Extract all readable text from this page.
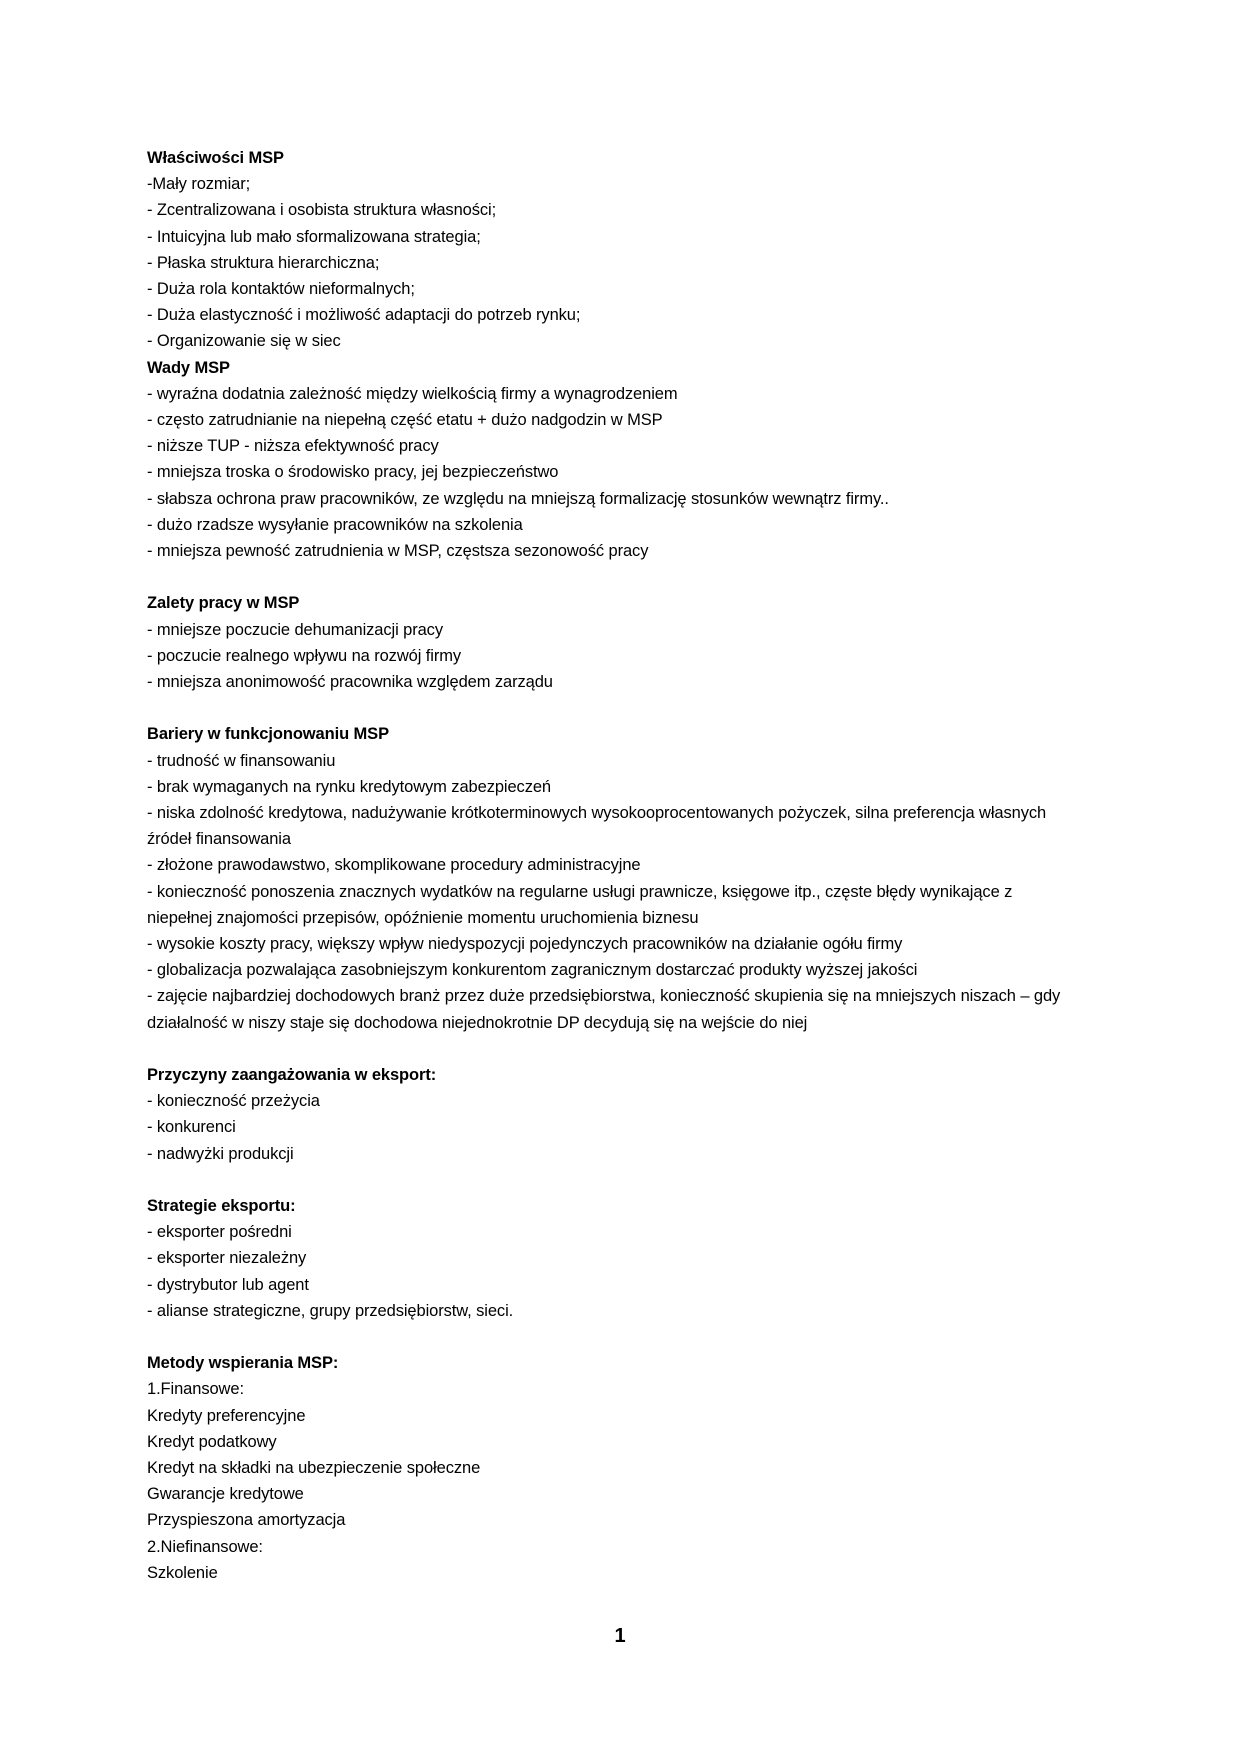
Właściwości MSP
-Mały rozmiar;
- Zcentralizowana i osobista struktura własności;
- Intuicyjna lub mało sformalizowana strategia;
- Płaska struktura hierarchiczna;
- Duża rola kontaktów nieformalnych;
- Duża elastyczność i możliwość adaptacji do potrzeb rynku;
- Organizowanie się w siec
Wady MSP
- wyraźna dodatnia zależność między wielkością firmy a wynagrodzeniem
- często zatrudnianie na niepełną część etatu + dużo nadgodzin w MSP
- niższe TUP - niższa efektywność pracy
- mniejsza troska o środowisko pracy, jej bezpieczeństwo
- słabsza ochrona praw pracowników, ze względu na mniejszą formalizację stosunków wewnątrz firmy..
- dużo rzadsze wysyłanie pracowników na szkolenia
- mniejsza pewność zatrudnienia w MSP, częstsza sezonowość pracy
Zalety pracy w MSP
- mniejsze poczucie dehumanizacji pracy
- poczucie realnego wpływu na rozwój firmy
- mniejsza anonimowość pracownika względem zarządu
Bariery w funkcjonowaniu MSP
- trudność w finansowaniu
- brak wymaganych na rynku kredytowym zabezpieczeń
- niska zdolność kredytowa, nadużywanie krótkoterminowych wysokooprocentowanych pożyczek, silna preferencja własnych źródeł finansowania
- złożone prawodawstwo, skomplikowane procedury administracyjne
- konieczność ponoszenia znacznych wydatków na regularne usługi prawnicze, księgowe itp., częste błędy wynikające z niepełnej znajomości przepisów, opóźnienie momentu uruchomienia biznesu
- wysokie koszty pracy, większy wpływ niedyspozycji pojedynczych pracowników na działanie ogółu firmy
- globalizacja pozwalająca zasobniejszym konkurentom zagranicznym dostarczać produkty wyższej jakości
- zajęcie najbardziej dochodowych branż przez duże przedsiębiorstwa, konieczność skupienia się na mniejszych niszach – gdy działalność w niszy staje się dochodowa niejednokrotnie DP decydują się na wejście do niej
Przyczyny zaangażowania w eksport:
- konieczność przeżycia
- konkurenci
- nadwyżki produkcji
Strategie eksportu:
- eksporter pośredni
- eksporter niezależny
- dystrybutor lub agent
- alianse strategiczne, grupy przedsiębiorstw, sieci.
Metody wspierania MSP:
1.Finansowe:
Kredyty preferencyjne
Kredyt podatkowy
Kredyt na składki na ubezpieczenie społeczne
Gwarancje kredytowe
Przyspieszona amortyzacja
2.Niefinansowe:
Szkolenie
1
